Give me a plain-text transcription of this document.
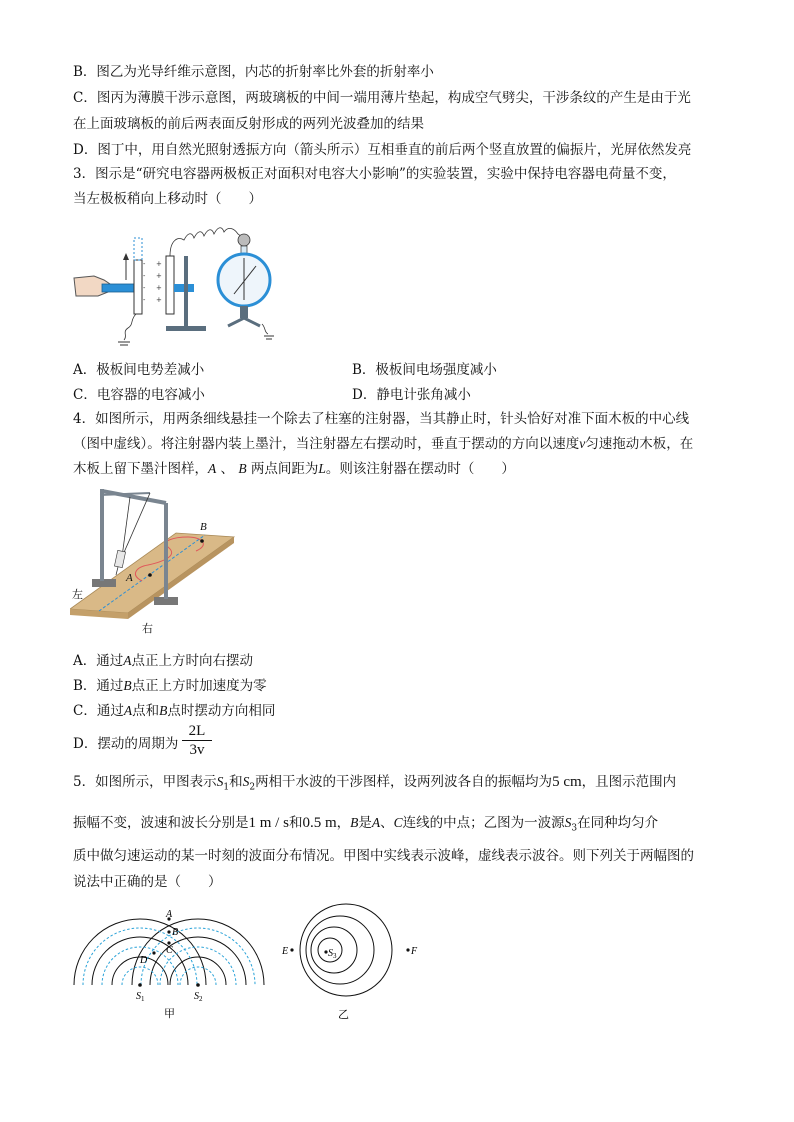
B．图乙为光导纤维示意图，内芯的折射率比外套的折射率小
C．图丙为薄膜干涉示意图，两玻璃板的中间一端用薄片垫起，构成空气劈尖，干涉条纹的产生是由于光
在上面玻璃板的前后两表面反射形成的两列光波叠加的结果
D．图丁中，用自然光照射透振方向（箭头所示）互相垂直的前后两个竖直放置的偏振片，光屏依然发亮
3．图示是“研究电容器两极板正对面积对电容大小影响”的实验装置，实验中保持电容器电荷量不变，
当左极板稍向上移动时（　　）
-
-
-
-
+
+
+
+
A．极板间电势差减小	B．极板间电场强度减小
C．电容器的电容减小	D．静电计张角减小
4．如图所示，用两条细线悬挂一个除去了柱塞的注射器，当其静止时，针头恰好对准下面木板的中心线
（图中虚线）。将注射器内装上墨汁，当注射器左右摆动时，垂直于摆动的方向以速度v匀速拖动木板，在
木板上留下墨汁图样，A 、 B 两点间距为L。则该注射器在摆动时（　　）
A
B
左
右
A．通过A点正上方时向右摆动
B．通过B点正上方时加速度为零
C．通过A点和B点时摆动方向相同
D．摆动的周期为 $\frac{2L}{3v}$
5．如图所示，甲图表示$S_1$和$S_2$两相干水波的干涉图样，设两列波各自的振幅均为5 cm，且图示范围内
振幅不变，波速和波长分别是1 m / s和0.5 m，B是A、C连线的中点；乙图为一波源$S_3$在同种均匀介
质中做匀速运动的某一时刻的波面分布情况。甲图中实线表示波峰，虚线表示波谷。则下列关于两幅图的
说法中正确的是（　　）
A
B
C
D
$S_1$	$S_2$
甲
E	F
$S_3$
乙
